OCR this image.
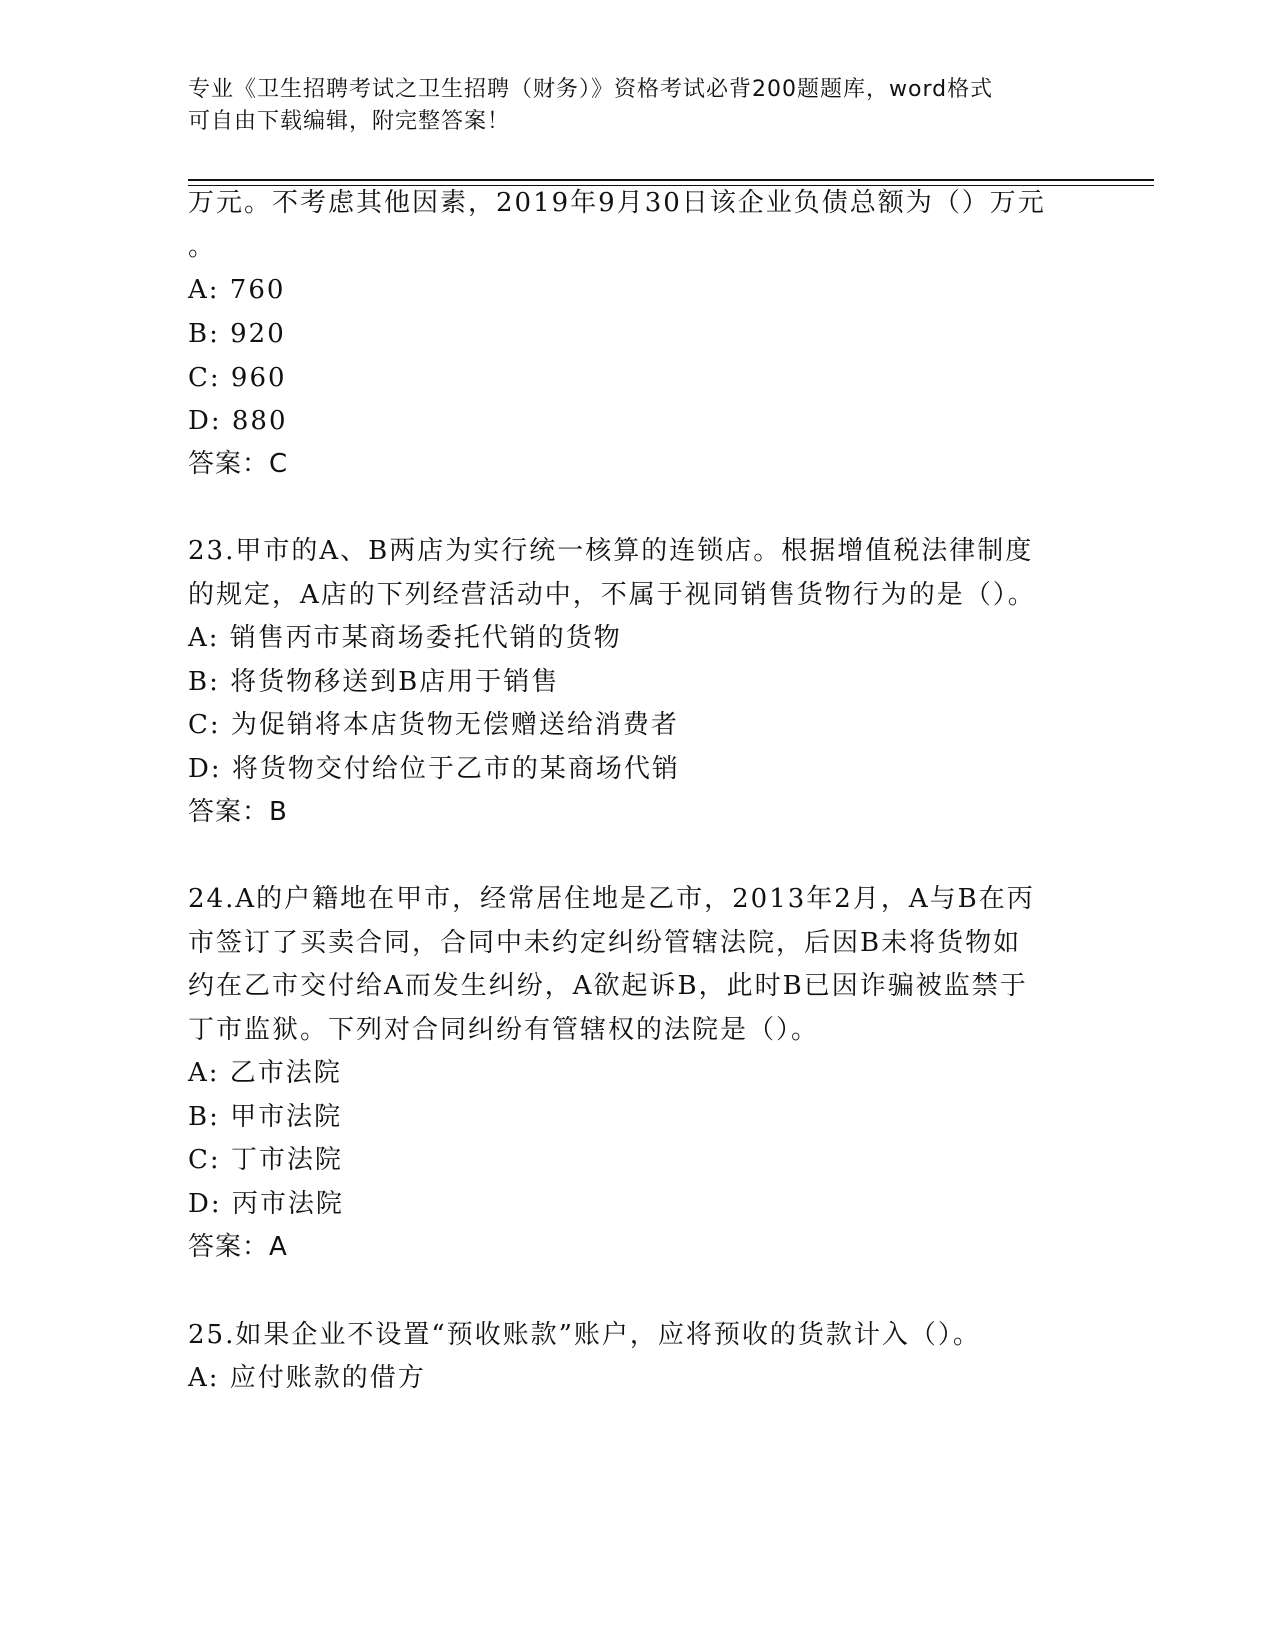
专业《卫生招聘考试之卫生招聘（财务）》资格考试必背200题题库，word格式
可自由下载编辑，附完整答案！
万元。不考虑其他因素，2019年9月30日该企业负债总额为（）万元
。
A: 760
B: 920
C: 960
D: 880
答案：C
23.甲市的A、B两店为实行统一核算的连锁店。根据增值税法律制度
的规定，A店的下列经营活动中，不属于视同销售货物行为的是（）。
A: 销售丙市某商场委托代销的货物
B: 将货物移送到B店用于销售
C: 为促销将本店货物无偿赠送给消费者
D: 将货物交付给位于乙市的某商场代销
答案：B
24.A的户籍地在甲市，经常居住地是乙市，2013年2月，A与B在丙
市签订了买卖合同，合同中未约定纠纷管辖法院，后因B未将货物如
约在乙市交付给A而发生纠纷，A欲起诉B，此时B已因诈骗被监禁于
丁市监狱。下列对合同纠纷有管辖权的法院是（）。
A: 乙市法院
B: 甲市法院
C: 丁市法院
D: 丙市法院
答案：A
25.如果企业不设置“预收账款”账户，应将预收的货款计入（）。
A: 应付账款的借方
